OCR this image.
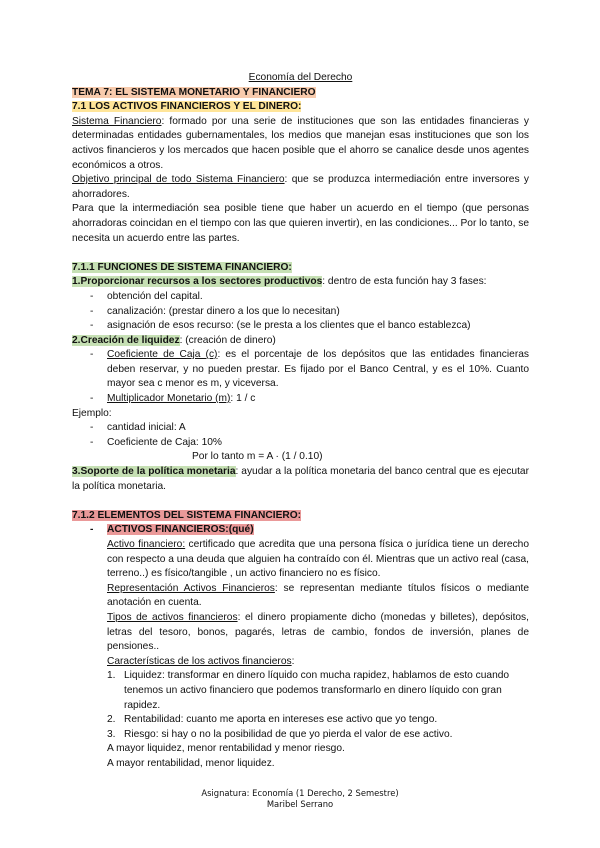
Economía del Derecho

TEMA 7: EL SISTEMA MONETARIO Y FINANCIERO

7.1 LOS ACTIVOS FINANCIEROS Y EL DINERO:

Sistema Financiero: formado por una serie de instituciones que son las entidades financieras y determinadas entidades gubernamentales, los medios que manejan esas instituciones que son los activos financieros y los mercados que hacen posible que el ahorro se canalice desde unos agentes económicos a otros.

Objetivo principal de todo Sistema Financiero: que se produzca intermediación entre inversores y ahorradores.

Para que la intermediación sea posible tiene que haber un acuerdo en el tiempo (que personas ahorradoras coincidan en el tiempo con las que quieren invertir), en las condiciones... Por lo tanto, se necesita un acuerdo entre las partes.

7.1.1 FUNCIONES DE SISTEMA FINANCIERO:

1.Proporcionar recursos a los sectores productivos: dentro de esta función hay 3 fases:

- obtención del capital.
- canalización: (prestar dinero a los que lo necesitan)
- asignación de esos recurso: (se le presta a los clientes que el banco establezca)

2.Creación de liquidez: (creación de dinero)

- Coeficiente de Caja (c): es el porcentaje de los depósitos que las entidades financieras deben reservar, y no pueden prestar. Es fijado por el Banco Central, y es el 10%. Cuanto mayor sea c menor es m, y viceversa.
- Multiplicador Monetario (m): 1 / c

Ejemplo:

- cantidad inicial: A
- Coeficiente de Caja: 10%

Por lo tanto m = A · (1 / 0.10)

3.Soporte de la política monetaria: ayudar a la política monetaria del banco central que es ejecutar la política monetaria.

7.1.2 ELEMENTOS DEL SISTEMA FINANCIERO:

- ACTIVOS FINANCIEROS:(qué)

Activo financiero: certificado que acredita que una persona física o jurídica tiene un derecho con respecto a una deuda que alguien ha contraído con él. Mientras que un activo real (casa, terreno..) es físico/tangible , un activo financiero no es físico.

Representación Activos Financieros: se representan mediante títulos físicos o mediante anotación en cuenta.

Tipos de activos financieros: el dinero propiamente dicho (monedas y billetes), depósitos, letras del tesoro, bonos, pagarés, letras de cambio, fondos de inversión, planes de pensiones..

Características de los activos financieros:

1. Liquidez: transformar en dinero líquido con mucha rapidez, hablamos de esto cuando tenemos un activo financiero que podemos transformarlo en dinero líquido con gran rapidez.
2. Rentabilidad: cuanto me aporta en intereses ese activo que yo tengo.
3. Riesgo: si hay o no la posibilidad de que yo pierda el valor de ese activo.

A mayor liquidez, menor rentabilidad y menor riesgo.

A mayor rentabilidad, menor liquidez.

Asignatura: Economía (1 Derecho, 2 Semestre)
Maribel Serrano
